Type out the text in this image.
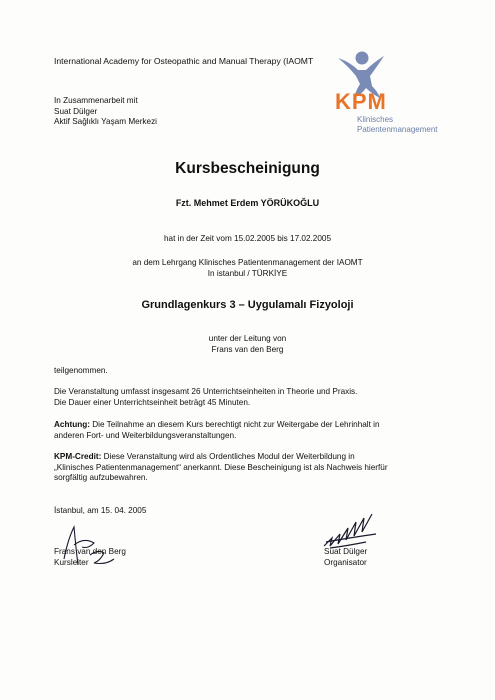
International Academy for Osteopathic and Manual Therapy (IAOMT
In Zusammenarbeit mit
Suat Dülger
Aktif Sağlıklı Yaşam Merkezi
KPM
Klinisches
Patientenmanagement
Kursbescheinigung
Fzt. Mehmet Erdem YÖRÜKOĞLU
hat in der Zeit vom 15.02.2005 bis 17.02.2005
an dem Lehrgang Klinisches Patientenmanagement der IAOMT
In istanbul / TÜRKİYE
Grundlagenkurs 3 – Uygulamalı Fizyoloji
unter der Leitung von
Frans van den Berg
teilgenommen.
Die Veranstaltung umfasst insgesamt 26 Unterrichtseinheiten in Theorie und Praxis.
Die Dauer einer Unterrichtseinheit beträgt 45 Minuten.
Achtung: Die Teilnahme an diesem Kurs berechtigt nicht zur Weitergabe der Lehrinhalt in
anderen Fort- und Weiterbildungsveranstaltungen.
KPM-Credit: Diese Veranstaltung wird als Ordentliches Modul der Weiterbildung in
„Klinisches Patientenmanagement“ anerkannt. Diese Bescheinigung ist als Nachweis hierfür
sorgfältig aufzubewahren.
İstanbul, am 15. 04. 2005
Frans van den Berg
Kursleiter
Suat Dülger
Organisator
